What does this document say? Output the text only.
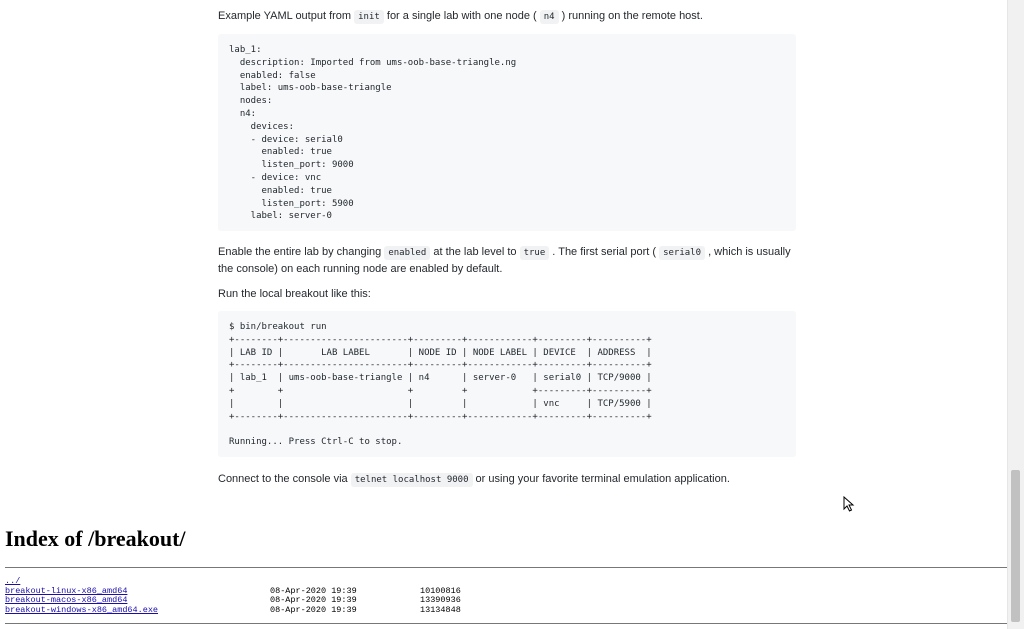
Example YAML output from init for a single lab with one node ( n4 ) running on the remote host.

lab_1:
description: Imported from ums-oob-base-triangle.ng
enabled: false
label: ums-oob-base-triangle
nodes:
n4:
devices:
- device: serial0
enabled: true
listen_port: 9000
- device: vnc
enabled: true
listen_port: 5900
label: server-0

Enable the entire lab by changing enabled at the lab level to true . The first serial port ( serial0 , which is usually the console) on each running node are enabled by default.

Run the local breakout like this:

$ bin/breakout run
+--------+-----------------------+---------+------------+---------+----------+
| LAB ID |       LAB LABEL       | NODE ID | NODE LABEL | DEVICE  | ADDRESS  |
+--------+-----------------------+---------+------------+---------+----------+
| lab_1  | ums-oob-base-triangle | n4      | server-0   | serial0 | TCP/9000 |
+        +                       +         +            +---------+----------+
|        |                       |         |            | vnc     | TCP/5900 |
+--------+-----------------------+---------+------------+---------+----------+

Running... Press Ctrl-C to stop.

Connect to the console via telnet localhost 9000 or using your favorite terminal emulation application.

Index of /breakout/
../
breakout-linux-x86_amd64	08-Apr-2020 19:39	10100816
breakout-macos-x86_amd64	08-Apr-2020 19:39	13390936
breakout-windows-x86_amd64.exe	08-Apr-2020 19:39	13134848
